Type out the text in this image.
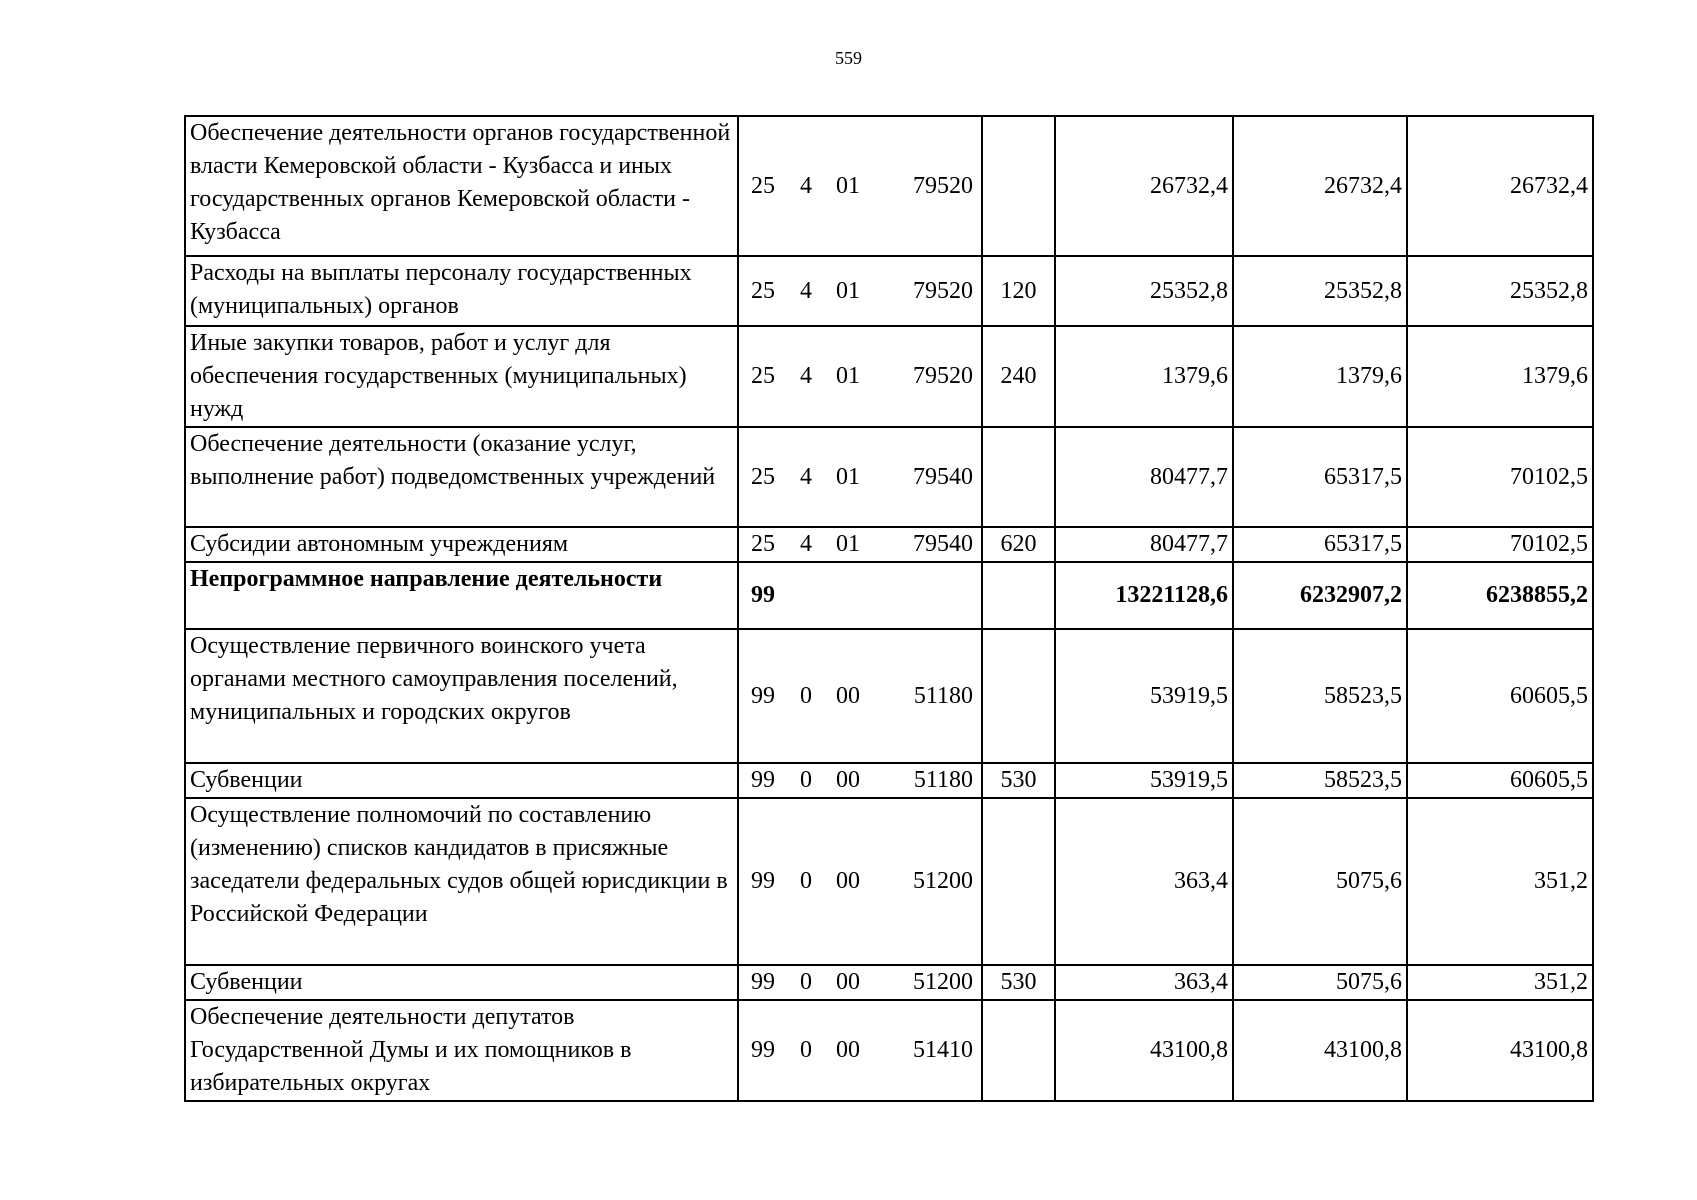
559
Обеспечение деятельности органов государственной власти Кемеровской области - Кузбасса и иных государственных органов Кемеровской области - Кузбасса	25 4 01 79520		26732,4	26732,4	26732,4
Расходы на выплаты персоналу государственных (муниципальных) органов	25 4 01 79520	120	25352,8	25352,8	25352,8
Иные закупки товаров, работ и услуг для обеспечения государственных (муниципальных) нужд	25 4 01 79520	240	1379,6	1379,6	1379,6
Обеспечение деятельности (оказание услуг, выполнение работ) подведомственных учреждений	25 4 01 79540		80477,7	65317,5	70102,5
Субсидии автономным учреждениям	25 4 01 79540	620	80477,7	65317,5	70102,5
Непрограммное направление деятельности	99		13221128,6	6232907,2	6238855,2
Осуществление первичного воинского учета органами местного самоуправления поселений, муниципальных и городских округов	99 0 00 51180		53919,5	58523,5	60605,5
Субвенции	99 0 00 51180	530	53919,5	58523,5	60605,5
Осуществление полномочий по составлению (изменению) списков кандидатов в присяжные заседатели федеральных судов общей юрисдикции в Российской Федерации	99 0 00 51200		363,4	5075,6	351,2
Субвенции	99 0 00 51200	530	363,4	5075,6	351,2
Обеспечение деятельности депутатов Государственной Думы и их помощников в избирательных округах	99 0 00 51410		43100,8	43100,8	43100,8
